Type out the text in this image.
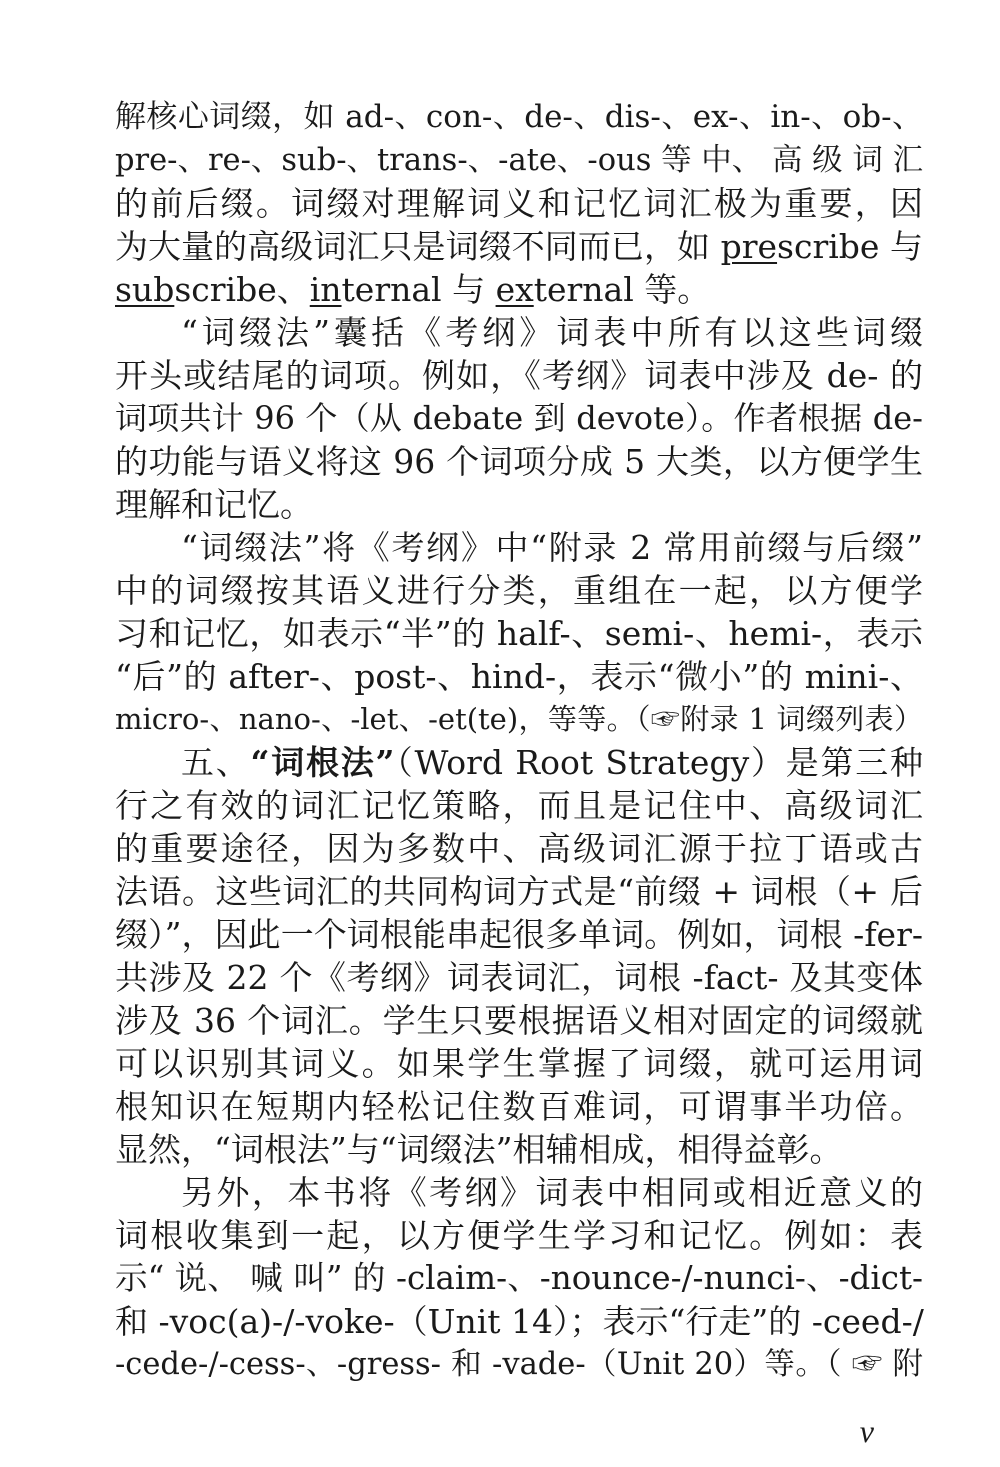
解核心词缀，如 ad-、con-、de-、dis-、ex-、in-、ob-、
pre-、re-、sub-、trans-、-ate、-ous 等 中、 高 级 词 汇
的前后缀。词缀对理解词义和记忆词汇极为重要，因
为大量的高级词汇只是词缀不同而已，如 prescribe 与
subscribe、internal 与 external 等。
“词缀法”囊括《考纲》词表中所有以这些词缀
开头或结尾的词项。例如，《考纲》词表中涉及 de- 的
词项共计 96 个（从 debate 到 devote）。作者根据 de-
的功能与语义将这 96 个词项分成 5 大类，以方便学生
理解和记忆。
“词缀法”将《考纲》中“附录 2 常用前缀与后缀”
中的词缀按其语义进行分类，重组在一起，以方便学
习和记忆，如表示“半”的 half-、semi-、hemi-，表示
“后”的 after-、post-、hind-，表示“微小”的 mini-、
micro-、nano-、-let、-et(te)，等等。（☞附录 1 词缀列表）
五、“词根法”（Word Root Strategy）是第三种
行之有效的词汇记忆策略，而且是记住中、高级词汇
的重要途径，因为多数中、高级词汇源于拉丁语或古
法语。这些词汇的共同构词方式是“前缀 + 词根（+ 后
缀）”，因此一个词根能串起很多单词。例如，词根 -fer-
共涉及 22 个《考纲》词表词汇，词根 -fact- 及其变体
涉及 36 个词汇。学生只要根据语义相对固定的词缀就
可以识别其词义。如果学生掌握了词缀，就可运用词
根知识在短期内轻松记住数百难词，可谓事半功倍。
显然，“词根法”与“词缀法”相辅相成，相得益彰。
另外，本书将《考纲》词表中相同或相近意义的
词根收集到一起，以方便学生学习和记忆。例如：表
示“ 说、 喊 叫” 的 -claim-、-nounce-/-nunci-、-dict-
和 -voc(a)-/-voke-（Unit 14）；表示“行走”的 -ceed-/
-cede-/-cess-、-gress- 和 -vade-（Unit 20）等。（ ☞ 附
v
